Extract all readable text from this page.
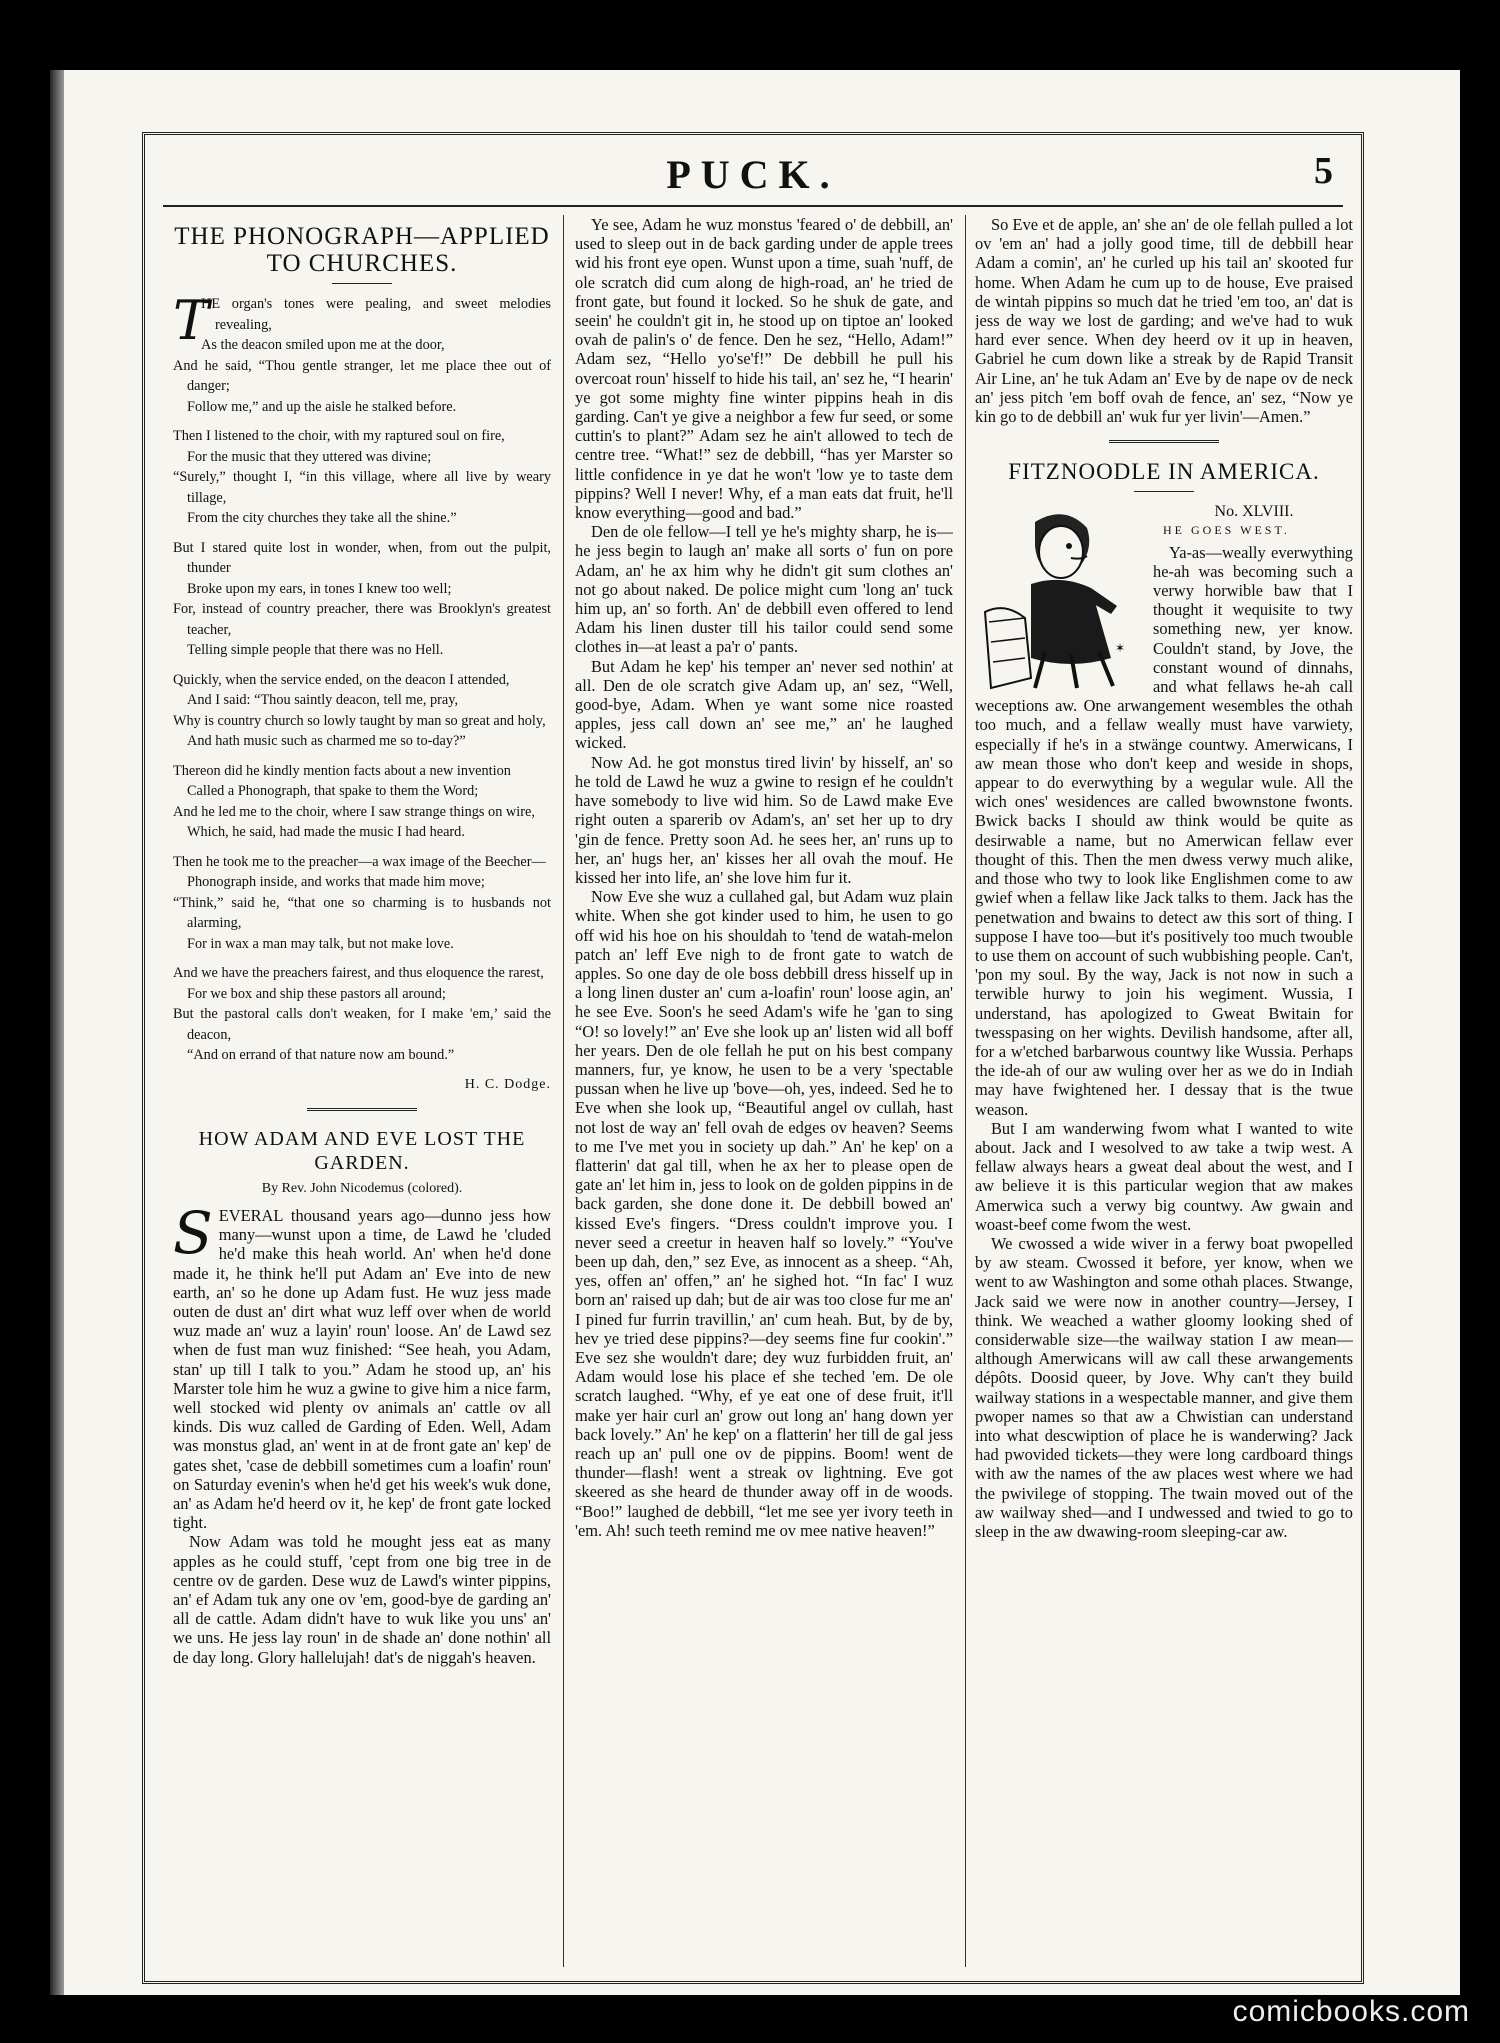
PUCK.	5
THE PHONOGRAPH—APPLIED TO CHURCHES.
T
HE organ's tones were pealing, and sweet melodies revealing,
As the deacon smiled upon me at the door,
And he said, “Thou gentle stranger, let me place thee out of danger;
Follow me,” and up the aisle he stalked before.
Then I listened to the choir, with my raptured soul on fire,
For the music that they uttered was divine;
“Surely,” thought I, “in this village, where all live by weary tillage,
From the city churches they take all the shine.”
But I stared quite lost in wonder, when, from out the pulpit, thunder
Broke upon my ears, in tones I knew too well;
For, instead of country preacher, there was Brooklyn's greatest teacher,
Telling simple people that there was no Hell.
Quickly, when the service ended, on the deacon I attended,
And I said: “Thou saintly deacon, tell me, pray,
Why is country church so lowly taught by man so great and holy,
And hath music such as charmed me so to-day?”
Thereon did he kindly mention facts about a new invention
Called a Phonograph, that spake to them the Word;
And he led me to the choir, where I saw strange things on wire,
Which, he said, had made the music I had heard.
Then he took me to the preacher—a wax image of the Beecher—
Phonograph inside, and works that made him move;
“Think,” said he, “that one so charming is to husbands not alarming,
For in wax a man may talk, but not make love.
And we have the preachers fairest, and thus eloquence the rarest,
For we box and ship these pastors all around;
But the pastoral calls don't weaken, for I make 'em,’ said the deacon,
“And on errand of that nature now am bound.”
H. C. Dodge.
HOW ADAM AND EVE LOST THE GARDEN.
By Rev. John Nicodemus (colored).

SEVERAL thousand years ago—dunno jess how many—wunst upon a time, de Lawd he 'cluded he'd make this heah world. An' when he'd done made it, he think he'll put Adam an' Eve into de new earth, an' so he done up Adam fust. He wuz jess made outen de dust an' dirt what wuz leff over when de world wuz made an' wuz a layin' roun' loose. An' de Lawd sez when de fust man wuz finished: “See heah, you Adam, stan' up till I talk to you.” Adam he stood up, an' his Marster tole him he wuz a gwine to give him a nice farm, well stocked wid plenty ov animals an' cattle ov all kinds. Dis wuz called de Garding of Eden. Well, Adam was monstus glad, an' went in at de front gate an' kep' de gates shet, 'case de debbill sometimes cum a loafin' roun' on Saturday evenin's when he'd get his week's wuk done, an' as Adam he'd heerd ov it, he kep' de front gate locked tight.

Now Adam was told he mought jess eat as many apples as he could stuff, 'cept from one big tree in de centre ov de garden. Dese wuz de Lawd's winter pippins, an' ef Adam tuk any one ov 'em, good-bye de garding an' all de cattle. Adam didn't have to wuk like you uns' an' we uns. He jess lay roun' in de shade an' done nothin' all de day long. Glory hallelujah! dat's de niggah's heaven.

Ye see, Adam he wuz monstus 'feared o' de debbill, an' used to sleep out in de back garding under de apple trees wid his front eye open. Wunst upon a time, suah 'nuff, de ole scratch did cum along de high-road, an' he tried de front gate, but found it locked. So he shuk de gate, and seein' he couldn't git in, he stood up on tiptoe an' looked ovah de palin's o' de fence. Den he sez, “Hello, Adam!” Adam sez, “Hello yo'se'f!” De debbill he pull his overcoat roun' hisself to hide his tail, an' sez he, “I hearin' ye got some mighty fine winter pippins heah in dis garding. Can't ye give a neighbor a few fur seed, or some cuttin's to plant?” Adam sez he ain't allowed to tech de centre tree. “What!” sez de debbill, “has yer Marster so little confidence in ye dat he won't 'low ye to taste dem pippins? Well I never! Why, ef a man eats dat fruit, he'll know everything—good and bad.”

Den de ole fellow—I tell ye he's mighty sharp, he is—he jess begin to laugh an' make all sorts o' fun on pore Adam, an' he ax him why he didn't git sum clothes an' not go about naked. De police might cum 'long an' tuck him up, an' so forth. An' de debbill even offered to lend Adam his linen duster till his tailor could send some clothes in—at least a pa'r o' pants.

But Adam he kep' his temper an' never sed nothin' at all. Den de ole scratch give Adam up, an' sez, “Well, good-bye, Adam. When ye want some nice roasted apples, jess call down an' see me,” an' he laughed wicked.

Now Ad. he got monstus tired livin' by hisself, an' so he told de Lawd he wuz a gwine to resign ef he couldn't have somebody to live wid him. So de Lawd make Eve right outen a sparerib ov Adam's, an' set her up to dry 'gin de fence. Pretty soon Ad. he sees her, an' runs up to her, an' hugs her, an' kisses her all ovah the mouf. He kissed her into life, an' she love him fur it.

Now Eve she wuz a cullahed gal, but Adam wuz plain white. When she got kinder used to him, he usen to go off wid his hoe on his shouldah to 'tend de watah-melon patch an' leff Eve nigh to de front gate to watch de apples. So one day de ole boss debbill dress hisself up in a long linen duster an' cum a-loafin' roun' loose agin, an' he see Eve. Soon's he seed Adam's wife he 'gan to sing “O! so lovely!” an' Eve she look up an' listen wid all boff her years. Den de ole fellah he put on his best company manners, fur, ye know, he usen to be a very 'spectable pussan when he live up 'bove—oh, yes, indeed. Sed he to Eve when she look up, “Beautiful angel ov cullah, hast not lost de way an' fell ovah de edges ov heaven? Seems to me I've met you in society up dah.” An' he kep' on a flatterin' dat gal till, when he ax her to please open de gate an' let him in, jess to look on de golden pippins in de back garden, she done done it. De debbill bowed an' kissed Eve's fingers. “Dress couldn't improve you. I never seed a creetur in heaven half so lovely.” “You've been up dah, den,” sez Eve, as innocent as a sheep. “Ah, yes, offen an' offen,” an' he sighed hot. “In fac' I wuz born an' raised up dah; but de air was too close fur me an' I pined fur furrin travillin,' an' cum heah. But, by de by, hev ye tried dese pippins?—dey seems fine fur cookin'.” Eve sez she wouldn't dare; dey wuz furbidden fruit, an' Adam would lose his place ef she teched 'em. De ole scratch laughed. “Why, ef ye eat one of dese fruit, it'll make yer hair curl an' grow out long an' hang down yer back lovely.” An' he kep' on a flatterin' her till de gal jess reach up an' pull one ov de pippins. Boom! went de thunder—flash! went a streak ov lightning. Eve got skeered as she heard de thunder away off in de woods. “Boo!” laughed de debbill, “let me see yer ivory teeth in 'em. Ah! such teeth remind me ov mee native heaven!”

So Eve et de apple, an' she an' de ole fellah pulled a lot ov 'em an' had a jolly good time, till de debbill hear Adam a comin', an' he curled up his tail an' skooted fur home. When Adam he cum up to de house, Eve praised de wintah pippins so much dat he tried 'em too, an' dat is jess de way we lost de garding; and we've had to wuk hard ever sence. When dey heerd ov it up in heaven, Gabriel he cum down like a streak by de Rapid Transit Air Line, an' he tuk Adam an' Eve by de nape ov de neck an' jess pitch 'em boff ovah de fence, an' sez, “Now ye kin go to de debbill an' wuk fur yer livin'—Amen.”

FITZNOODLE IN AMERICA.
✶
No. XLVIII.
HE GOES WEST.

Ya-as—weally everwything he-ah was becoming such a verwy horwible baw that I thought it wequisite to twy something new, yer know. Couldn't stand, by Jove, the constant wound of dinnahs, and what fellaws he-ah call weceptions aw. One arwangement wesembles the othah too much, and a fellaw weally must have varwiety, especially if he's in a stwänge countwy. Amerwicans, I aw mean those who don't keep and weside in shops, appear to do everwything by a wegular wule. All the wich ones' wesidences are called bwownstone fwonts. Bwick backs I should aw think would be quite as desirwable a name, but no Amerwican fellaw ever thought of this. Then the men dwess verwy much alike, and those who twy to look like Englishmen come to aw gwief when a fellaw like Jack talks to them. Jack has the penetwation and bwains to detect aw this sort of thing. I suppose I have too—but it's positively too much twouble to use them on account of such wubbishing people. Can't, 'pon my soul. By the way, Jack is not now in such a terwible hurwy to join his wegiment. Wussia, I understand, has apologized to Gweat Bwitain for twesspasing on her wights. Devilish handsome, after all, for a w'etched barbarwous countwy like Wussia. Perhaps the ide-ah of our aw wuling over her as we do in Indiah may have fwightened her. I dessay that is the twue weason.

But I am wanderwing fwom what I wanted to wite about. Jack and I wesolved to aw take a twip west. A fellaw always hears a gweat deal about the west, and I aw believe it is this particular wegion that aw makes Amerwica such a verwy big countwy. Aw gwain and woast-beef come fwom the west.

We cwossed a wide wiver in a ferwy boat pwopelled by aw steam. Cwossed it before, yer know, when we went to aw Washington and some othah places. Stwange, Jack said we were now in another country—Jersey, I think. We weached a wather gloomy looking shed of considerwable size—the wailway station I aw mean—although Amerwicans will aw call these arwangements dépôts. Doosid queer, by Jove. Why can't they build wailway stations in a wespectable manner, and give them pwoper names so that aw a Chwistian can understand into what descwiption of place he is wanderwing? Jack had pwovided tickets—they were long cardboard things with aw the names of the aw places west where we had the pwivilege of stopping. The twain moved out of the aw wailway shed—and I undwessed and twied to go to sleep in the aw dwawing-room sleeping-car aw.

comicbooks.com
